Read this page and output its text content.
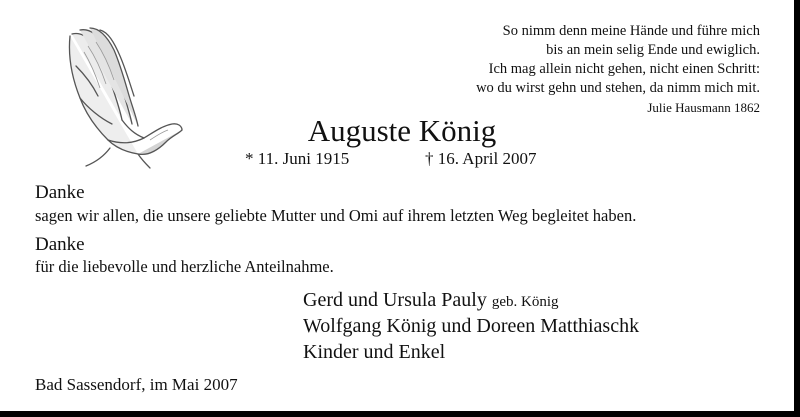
So nimm denn meine Hände und führe mich
bis an mein selig Ende und ewiglich.
Ich mag allein nicht gehen, nicht einen Schritt:
wo du wirst gehn und stehen, da nimm mich mit.
Julie Hausmann 1862
Auguste König
* 11. Juni 1915	† 16. April 2007
Danke
sagen wir allen, die unsere geliebte Mutter und Omi auf ihrem letzten Weg begleitet haben.
Danke
für die liebevolle und herzliche Anteilnahme.
Gerd und Ursula Pauly geb. König
Wolfgang König und Doreen Matthiaschk
Kinder und Enkel
Bad Sassendorf, im Mai 2007
